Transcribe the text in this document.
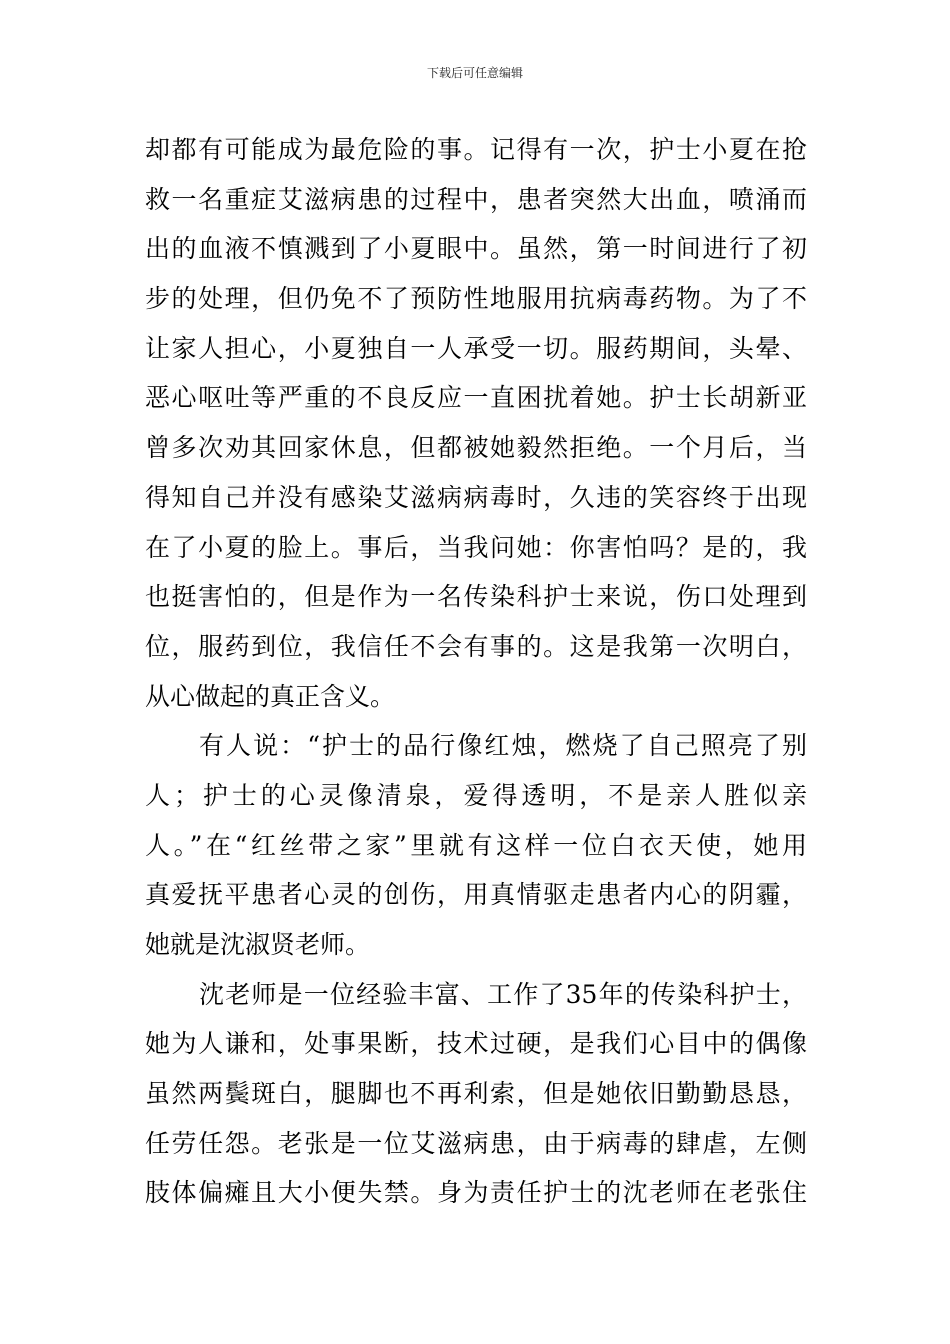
下载后可任意编辑
却都有可能成为最危险的事。记得有一次，护士小夏在抢
救一名重症艾滋病患的过程中，患者突然大出血，喷涌而
出的血液不慎溅到了小夏眼中。虽然，第一时间进行了初
步的处理，但仍免不了预防性地服用抗病毒药物。为了不
让家人担心，小夏独自一人承受一切。服药期间，头晕、
恶心呕吐等严重的不良反应一直困扰着她。护士长胡新亚
曾多次劝其回家休息，但都被她毅然拒绝。一个月后，当
得知自己并没有感染艾滋病病毒时，久违的笑容终于出现
在了小夏的脸上。事后，当我问她：你害怕吗？是的，我
也挺害怕的，但是作为一名传染科护士来说，伤口处理到
位，服药到位，我信任不会有事的。这是我第一次明白，
从心做起的真正含义。
有人说：“护士的品行像红烛，燃烧了自己照亮了别
人；护士的心灵像清泉，爱得透明，不是亲人胜似亲
人。”在“红丝带之家”里就有这样一位白衣天使，她用
真爱抚平患者心灵的创伤，用真情驱走患者内心的阴霾，
她就是沈淑贤老师。
沈老师是一位经验丰富、工作了35年的传染科护士，
她为人谦和，处事果断，技术过硬，是我们心目中的偶像
虽然两鬓斑白，腿脚也不再利索，但是她依旧勤勤恳恳，
任劳任怨。老张是一位艾滋病患，由于病毒的肆虐，左侧
肢体偏瘫且大小便失禁。身为责任护士的沈老师在老张住
